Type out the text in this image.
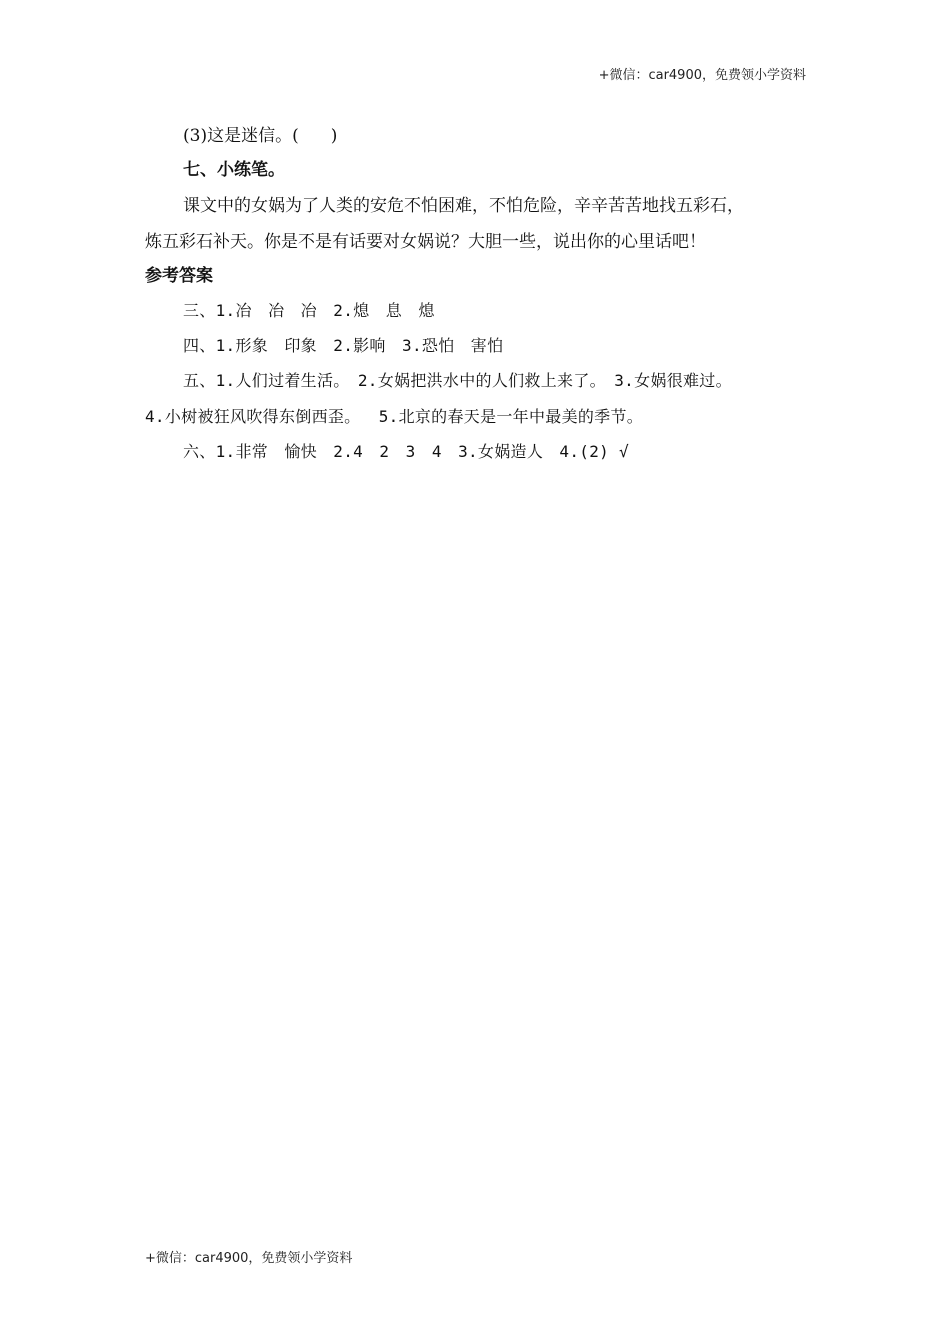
+微信：car4900，免费领小学资料
(3)这是迷信。( )
七、小练笔。
课文中的女娲为了人类的安危不怕困难，不怕危险，辛辛苦苦地找五彩石，
炼五彩石补天。你是不是有话要对女娲说？大胆一些，说出你的心里话吧！
参考答案
三、1.冶　冶　冶　2.熄　息　熄
四、1.形象　印象　2.影响　3.恐怕　害怕
五、1.人们过着生活。　2.女娲把洪水中的人们救上来了。　3.女娲很难过。
4.小树被狂风吹得东倒西歪。　 5.北京的春天是一年中最美的季节。
六、1.非常　愉快　2.4　2　3　4　3.女娲造人　4.(2) √
+微信：car4900，免费领小学资料
